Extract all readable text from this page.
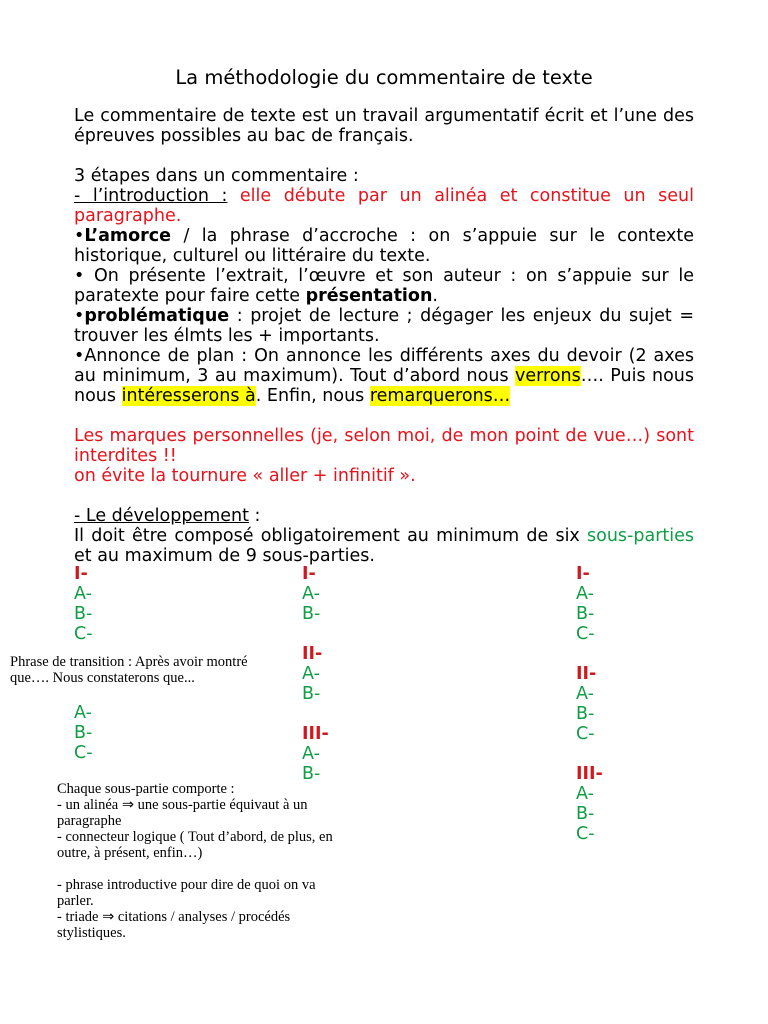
La méthodologie du commentaire de texte

Le commentaire de texte est un travail argumentatif écrit et l’une des épreuves possibles au bac de français.

3 étapes dans un commentaire :

- l’introduction : elle débute par un alinéa et constitue un seul paragraphe.

•L’amorce / la phrase d’accroche : on s’appuie sur le contexte historique, culturel ou littéraire du texte.

• On présente l’extrait, l’œuvre et son auteur : on s’appuie sur le paratexte pour faire cette présentation.

•problématique : projet de lecture ; dégager les enjeux du sujet = trouver les élmts les + importants.

•Annonce de plan : On annonce les différents axes du devoir (2 axes au minimum, 3 au maximum). Tout d’abord nous verrons…. Puis nous nous intéresserons à. Enfin, nous remarquerons…

Les marques personnelles (je, selon moi, de mon point de vue…) sont interdites !!

on évite la tournure « aller + infinitif ».

- Le développement :

Il doit être composé obligatoirement au minimum de six sous-parties et au maximum de 9 sous-parties.

I-
A-
B-
C-
A-
B-
C-
I-
A-
B-
II-
A-
B-
III-
A-
B-
I-
A-
B-
C-
II-
A-
B-
C-
III-
A-
B-
C-
Phrase de transition : Après avoir montré
que…. Nous constaterons que...
Chaque sous-partie comporte :
- un alinéa ⇒ une sous-partie équivaut à un
paragraphe
- connecteur logique ( Tout d’abord, de plus, en
outre, à présent, enfin…)
- phrase introductive pour dire de quoi on va
parler.
- triade ⇒ citations / analyses / procédés
stylistiques.
